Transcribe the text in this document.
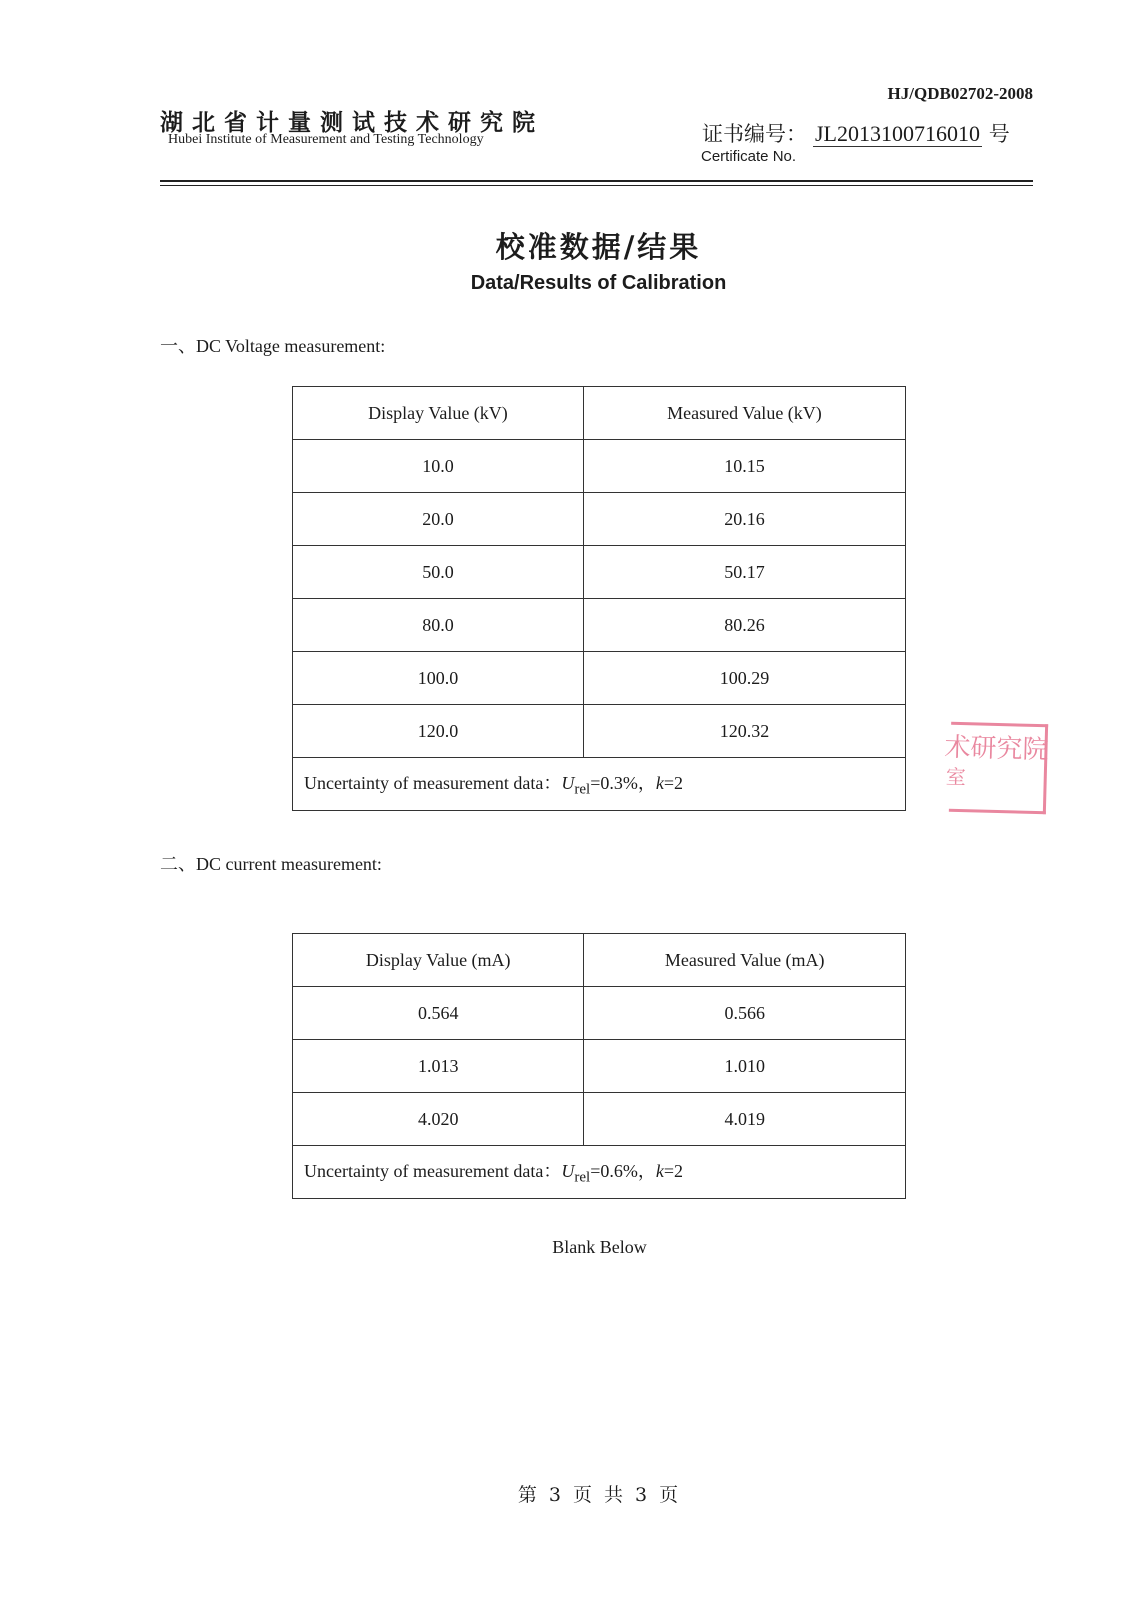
湖北省计量测试技术研究院
Hubei Institute of Measurement and Testing Technology
HJ/QDB02702-2008
证书编号： JL2013100716010 号
Certificate No.
校准数据/结果
Data/Results of Calibration
一、DC Voltage measurement:
Display Value (kV)	Measured Value (kV)
10.0	10.15
20.0	20.16
50.0	50.17
80.0	80.26
100.0	100.29
120.0	120.32
Uncertainty of measurement data：$U_{rel}=0.3\%$，k=2	
二、DC current measurement:
Display Value (mA)	Measured Value (mA)
0.564	0.566
1.013	1.010
4.020	4.019
Uncertainty of measurement data：$U_{rel}=0.6\%$，k=2	
Blank Below
术研究院
室
第 3 页 共 3 页
